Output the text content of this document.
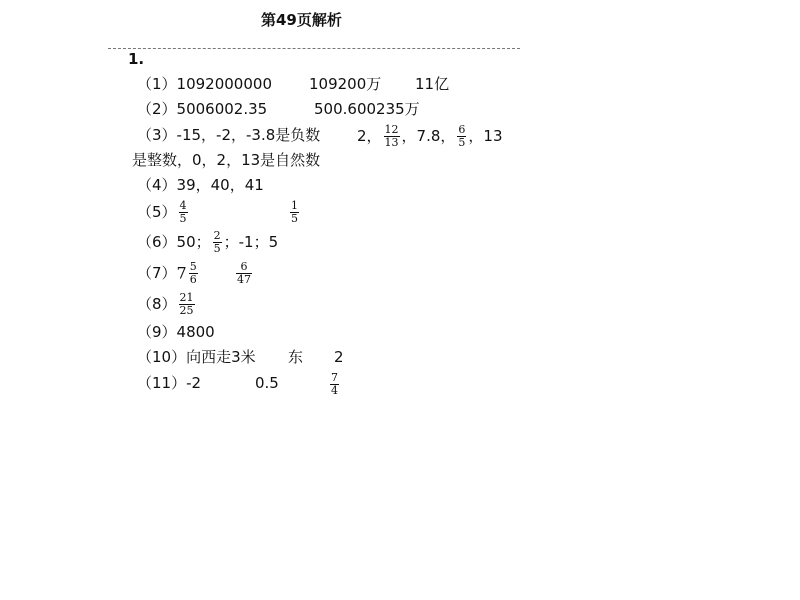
第49页解析
1.
（1）1092000000 109200万 11亿
（2）5006002.35	500.600235万
（3）-15，-2，-3.8是负数 2， $\frac{12}{13}$ ，7.8， $\frac{6}{5}$ ，13
是整数，0，2，13是自然数
（4）39，40，41
$(5) \frac{4}{5}$	$\frac{1}{5}$
（6）50； $\frac{2}{5}$ ；-1；5
$(7)7 \frac{5}{6}$	$\frac{6}{47}$
$(8) \frac{21}{25}$
（9）4800
（10）向西走3米 东 2
（11）-2	0.5	$\frac{7}{4}$
